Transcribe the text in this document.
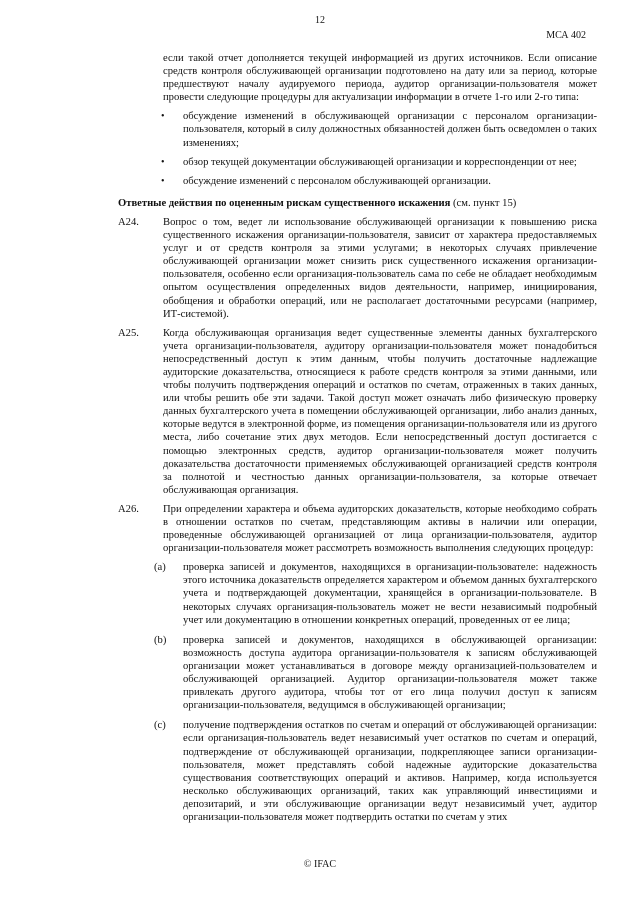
12
МСА 402

если такой отчет дополняется текущей информацией из других источников. Если описание средств контроля обслуживающей организации подготовлено на дату или за период, которые предшествуют началу аудируемого периода, аудитор организации-пользователя может провести следующие процедуры для актуализации информации в отчете 1-го или 2-го типа:

• обсуждение изменений в обслуживающей организации с персоналом организации-пользователя, который в силу должностных обязанностей должен быть осведомлен о таких изменениях;
• обзор текущей документации обслуживающей организации и корреспонденции от нее;
• обсуждение изменений с персоналом обслуживающей организации.

Ответные действия по оцененным рискам существенного искажения (см. пункт 15)

А24. Вопрос о том, ведет ли использование обслуживающей организации к повышению риска существенного искажения организации-пользователя, зависит от характера предоставляемых услуг и от средств контроля за этими услугами; в некоторых случаях привлечение обслуживающей организации может снизить риск существенного искажения организации-пользователя, особенно если организация-пользователь сама по себе не обладает необходимым опытом осуществления определенных видов деятельности, например, инициирования, обобщения и обработки операций, или не располагает достаточными ресурсами (например, ИТ-системой).

А25. Когда обслуживающая организация ведет существенные элементы данных бухгалтерского учета организации-пользователя, аудитору организации-пользователя может понадобиться непосредственный доступ к этим данным, чтобы получить достаточные надлежащие аудиторские доказательства, относящиеся к работе средств контроля за этими данными, или чтобы получить подтверждения операций и остатков по счетам, отраженных в таких данных, или чтобы решить обе эти задачи. Такой доступ может означать либо физическую проверку данных бухгалтерского учета в помещении обслуживающей организации, либо анализ данных, которые ведутся в электронной форме, из помещения организации-пользователя или из другого места, либо сочетание этих двух методов. Если непосредственный доступ достигается с помощью электронных средств, аудитор организации-пользователя может получить доказательства достаточности применяемых обслуживающей организацией средств контроля за полнотой и честностью данных организации-пользователя, за которые отвечает обслуживающая организация.

А26. При определении характера и объема аудиторских доказательств, которые необходимо собрать в отношении остатков по счетам, представляющим активы в наличии или операции, проведенные обслуживающей организацией от лица организации-пользователя, аудитор организации-пользователя может рассмотреть возможность выполнения следующих процедур:

(a) проверка записей и документов, находящихся в организации-пользователе: надежность этого источника доказательств определяется характером и объемом данных бухгалтерского учета и подтверждающей документации, хранящейся в организации-пользователе. В некоторых случаях организация-пользователь может не вести независимый подробный учет или документацию в отношении конкретных операций, проведенных от ее лица;

(b) проверка записей и документов, находящихся в обслуживающей организации: возможность доступа аудитора организации-пользователя к записям обслуживающей организации может устанавливаться в договоре между организацией-пользователем и обслуживающей организацией. Аудитор организации-пользователя может также привлекать другого аудитора, чтобы тот от его лица получил доступ к записям организации-пользователя, ведущимся в обслуживающей организации;

(c) получение подтверждения остатков по счетам и операций от обслуживающей организации: если организация-пользователь ведет независимый учет остатков по счетам и операций, подтверждение от обслуживающей организации, подкрепляющее записи организации-пользователя, может представлять собой надежные аудиторские доказательства существования соответствующих операций и активов. Например, когда используется несколько обслуживающих организаций, таких как управляющий инвестициями и депозитарий, и эти обслуживающие организации ведут независимый учет, аудитор организации-пользователя может подтвердить остатки по счетам у этих

© IFAC
